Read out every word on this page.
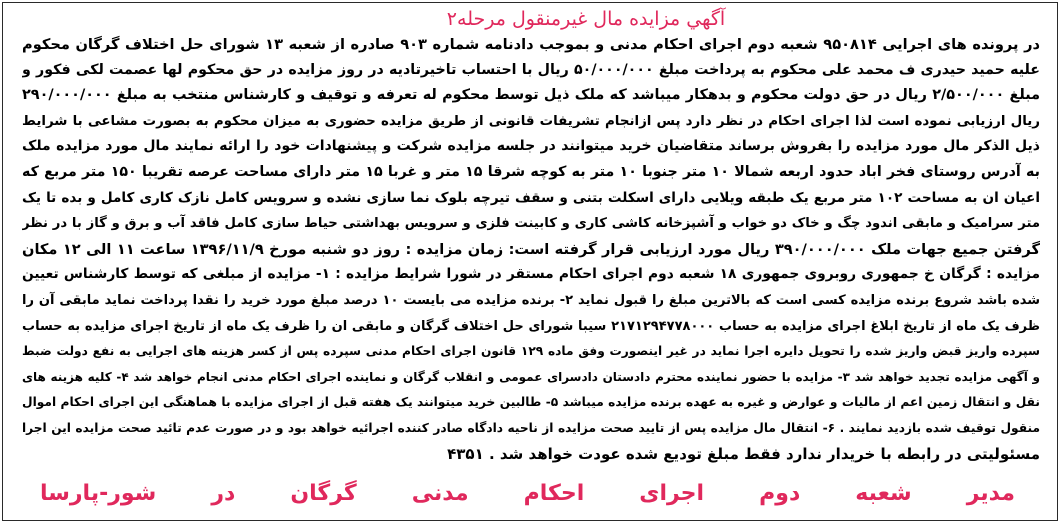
آگهي مزايده مال غيرمنقول مرحله۲
در پرونده های اجرایی ۹۵۰۸۱۴ شعبه دوم اجرای احکام مدنی و بموجب دادنامه شماره ۹۰۳ صادره از شعبه ۱۳ شورای حل اختلاف گرگان محکوم
علیه حمید حیدری ف محمد علی محکوم به پرداخت مبلغ ۵۰/۰۰۰/۰۰۰ ریال با احتساب تاخیرتادیه در روز مزایده در حق محکوم لها عصمت لکی فکور و
مبلغ ۲/۵۰۰/۰۰۰ ریال در حق دولت محکوم و بدهکار میباشد که ملک ذیل توسط محکوم له تعرفه و توقیف و کارشناس منتخب به مبلغ ۲۹۰/۰۰۰/۰۰۰
ریال ارزیابی نموده است لذا اجرای احکام در نظر دارد پس ازانجام تشریفات قانونی از طریق مزایده حضوری به میزان محکوم به بصورت مشاعی با شرایط
ذیل الذکر مال مورد مزایده را بفروش برساند متقاضیان خرید میتوانند در جلسه مزایده شرکت و پیشنهادات خود را ارائه نمایند مال مورد مزایده ملک
به آدرس روستای فخر اباد حدود اربعه شمالا ۱۰ متر جنوبا ۱۰ متر به کوچه شرقا ۱۵ متر و غربا ۱۵ متر دارای مساحت عرصه تقریبا ۱۵۰ متر مربع که
اعیان ان به مساحت ۱۰۲ متر مربع یک طبقه ویلایی دارای اسکلت بتنی و سقف تیرچه بلوک نما سازی نشده و سرویس کامل نازک کاری کامل و بده تا یک
متر سرامیک و مابقی اندود چگ و خاک دو خواب و آشپزخانه کاشی کاری و کابینت فلزی و سرویس بهداشتی حیاط سازی کامل فاقد آب و برق و گاز با در نظر
گرفتن جمیع جهات ملک ۳۹۰/۰۰۰/۰۰۰ ریال مورد ارزیابی قرار گرفته است: زمان مزایده : روز دو شنبه مورخ ۱۳۹۶/۱۱/۹ ساعت ۱۱ الی ۱۲ مکان
مزایده : گرگان خ جمهوری روبروی جمهوری ۱۸ شعبه دوم اجرای احکام مستقر در شورا شرایط مزایده : ۱- مزایده از مبلغی که توسط کارشناس تعیین
شده باشد شروع برنده مزایده کسی است که بالاترین مبلغ را قبول نماید ۲- برنده مزایده می بایست ۱۰ درصد مبلغ مورد خرید را نقدا پرداخت نماید مابقی آن را
ظرف یک ماه از تاریخ ابلاغ اجرای مزایده به حساب ۲۱۷۱۲۹۴۷۷۸۰۰۰ سیبا شورای حل اختلاف گرگان و مابقی ان را ظرف یک ماه از تاریخ اجرای مزایده به حساب
سپرده واریز قبض واریز شده را تحویل دایره اجرا نماید در غیر اینصورت وفق ماده ۱۲۹ قانون اجرای احکام مدنی سپرده پس از کسر هزینه های اجرایی به نفع دولت ضبط
و آگهی مزایده تجدید خواهد شد ۳- مزایده با حضور نماینده محترم دادستان دادسرای عمومی و انقلاب گرگان و نماینده اجرای احکام مدنی انجام خواهد شد ۴- کلیه هزینه های
نقل و انتقال زمین اعم از مالیات و عوارض و غیره به عهده برنده مزایده میباشد ۵- طالبین خرید میتوانند یک هفته قبل از اجرای مزایده با هماهنگی این اجرای احکام اموال
منقول توقیف شده بازدید نمایند . ۶- انتقال مال مزایده پس از تایید صحت مزایده از ناحیه دادگاه صادر کننده اجرائیه خواهد بود و در صورت عدم تائید صحت مزایده این اجرا
مسئولیتی در رابطه با خریدار ندارد فقط مبلغ تودیع شده عودت خواهد شد . ۴۳۵۱
مدیر شعبه دوم اجرای احکام مدنی گرگان در شور-پارسا
